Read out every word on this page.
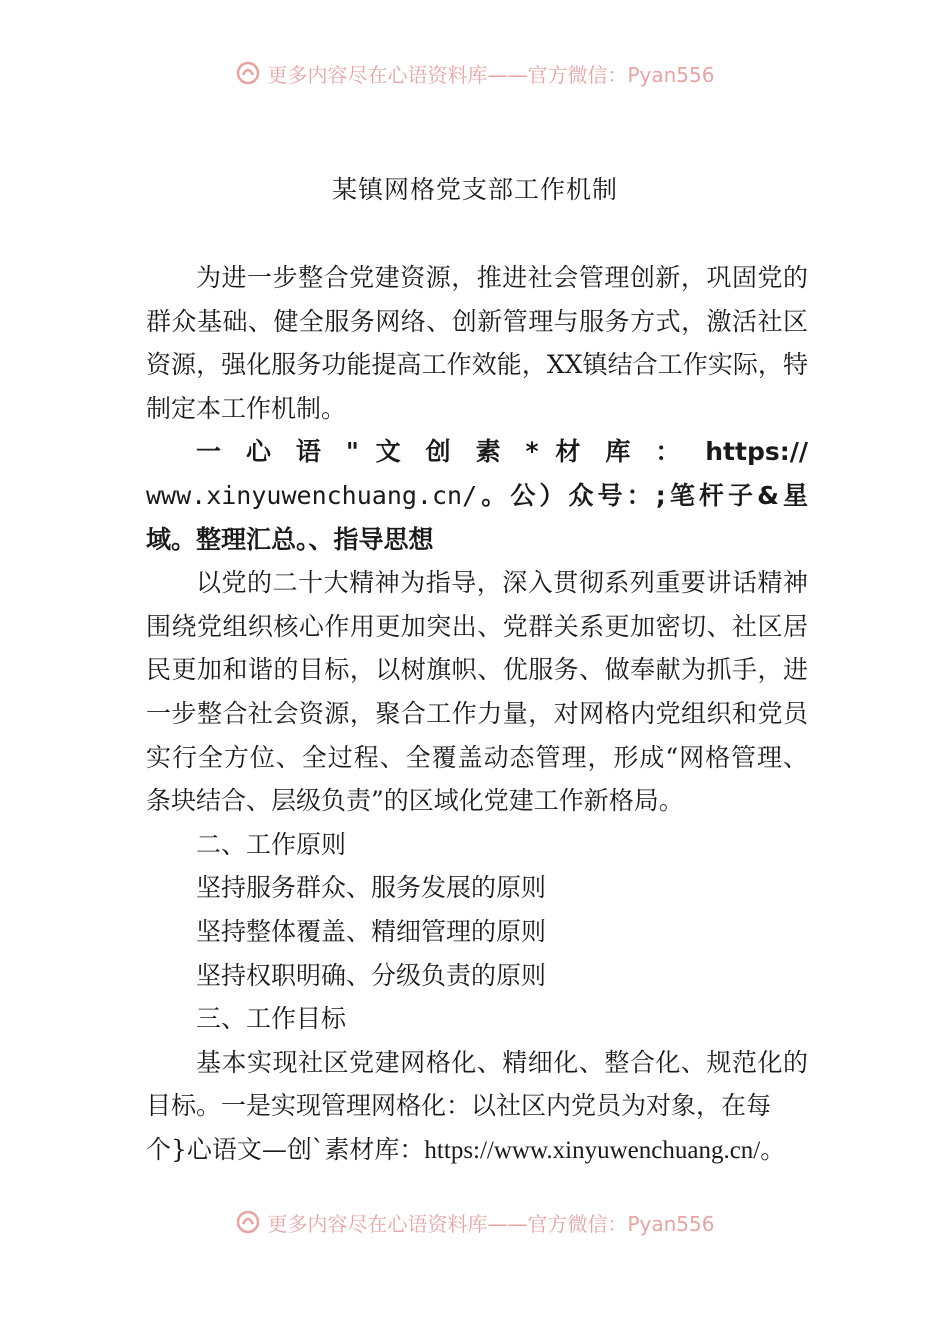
更多内容尽在心语资料库——官方微信：Pyan556
某镇网格党支部工作机制

为进一步整合党建资源，推进社会管理创新，巩固党的群众基础、健全服务网络、创新管理与服务方式，激活社区资源，强化服务功能提高工作效能，XX镇结合工作实际，特制定本工作机制。

一 心 语 " 文 创 素 * 材 库 ： https://

www.xinyuwenchuang.cn/。公）众号：;笔杆子&星域。整理汇总。、指导思想

以党的二十大精神为指导，深入贯彻系列重要讲话精神围绕党组织核心作用更加突出、党群关系更加密切、社区居民更加和谐的目标，以树旗帜、优服务、做奉献为抓手，进一步整合社会资源，聚合工作力量，对网格内党组织和党员实行全方位、全过程、全覆盖动态管理，形成“网格管理、条块结合、层级负责”的区域化党建工作新格局。

二、工作原则

坚持服务群众、服务发展的原则

坚持整体覆盖、精细管理的原则

坚持权职明确、分级负责的原则

三、工作目标

基本实现社区党建网格化、精细化、整合化、规范化的目标。一是实现管理网格化：以社区内党员为对象，在每

个}心语文—创`素材库：https://www.xinyuwenchuang.cn/。

更多内容尽在心语资料库——官方微信：Pyan556
